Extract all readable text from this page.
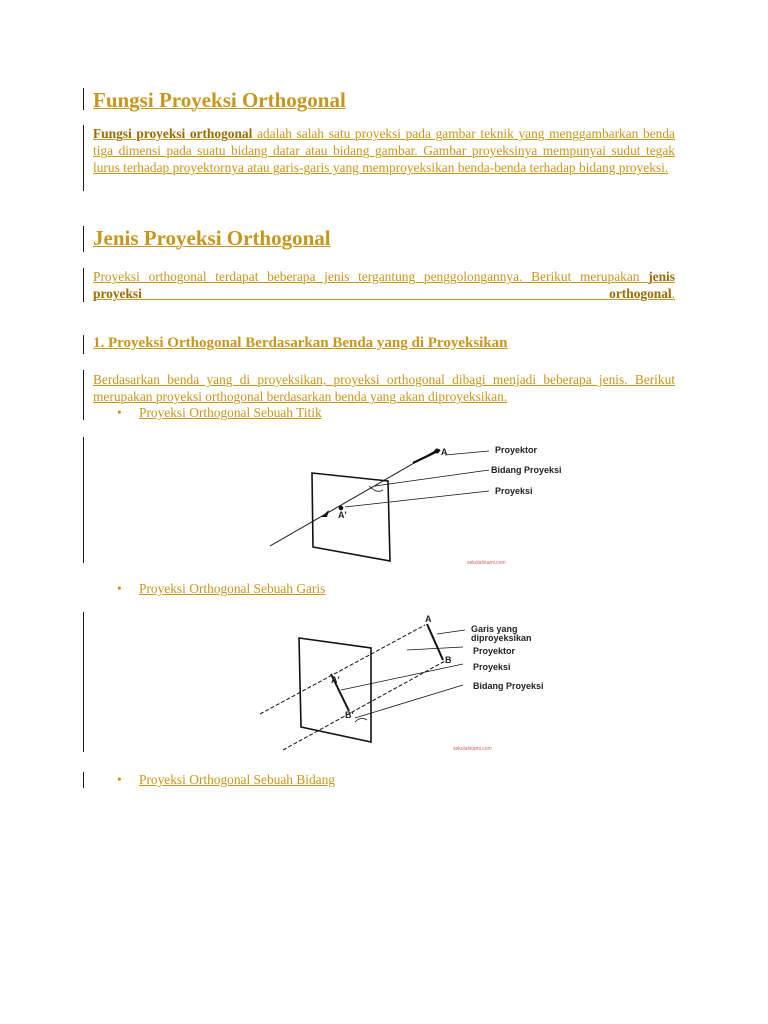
Fungsi Proyeksi Orthogonal
Fungsi proyeksi orthogonal adalah salah satu proyeksi pada gambar teknik yang menggambarkan benda tiga dimensi pada suatu bidang datar atau bidang gambar. Gambar proyeksinya mempunyai sudut tegak lurus terhadap proyektornya atau garis-garis yang memproyeksikan benda-benda terhadap bidang proyeksi.
Jenis Proyeksi Orthogonal
Proyeksi orthogonal terdapat beberapa jenis tergantung penggolongannya. Berikut merupakan jenis proyeksi orthogonal.
1. Proyeksi Orthogonal Berdasarkan Benda yang di Proyeksikan
Berdasarkan benda yang di proyeksikan, proyeksi orthogonal dibagi menjadi beberapa jenis. Berikut merupakan proyeksi orthogonal berdasarkan benda yang akan diproyeksikan.
• Proyeksi Orthogonal Sebuah Titik
A
A'
Proyektor
Bidang Proyeksi
Proyeksi
sekolahkami.com
• Proyeksi Orthogonal Sebuah Garis
A
B
A'
B'
Garis yang
diproyeksikan
Proyektor
Proyeksi
Bidang Proyeksi
sekolahkami.com
• Proyeksi Orthogonal Sebuah Bidang
